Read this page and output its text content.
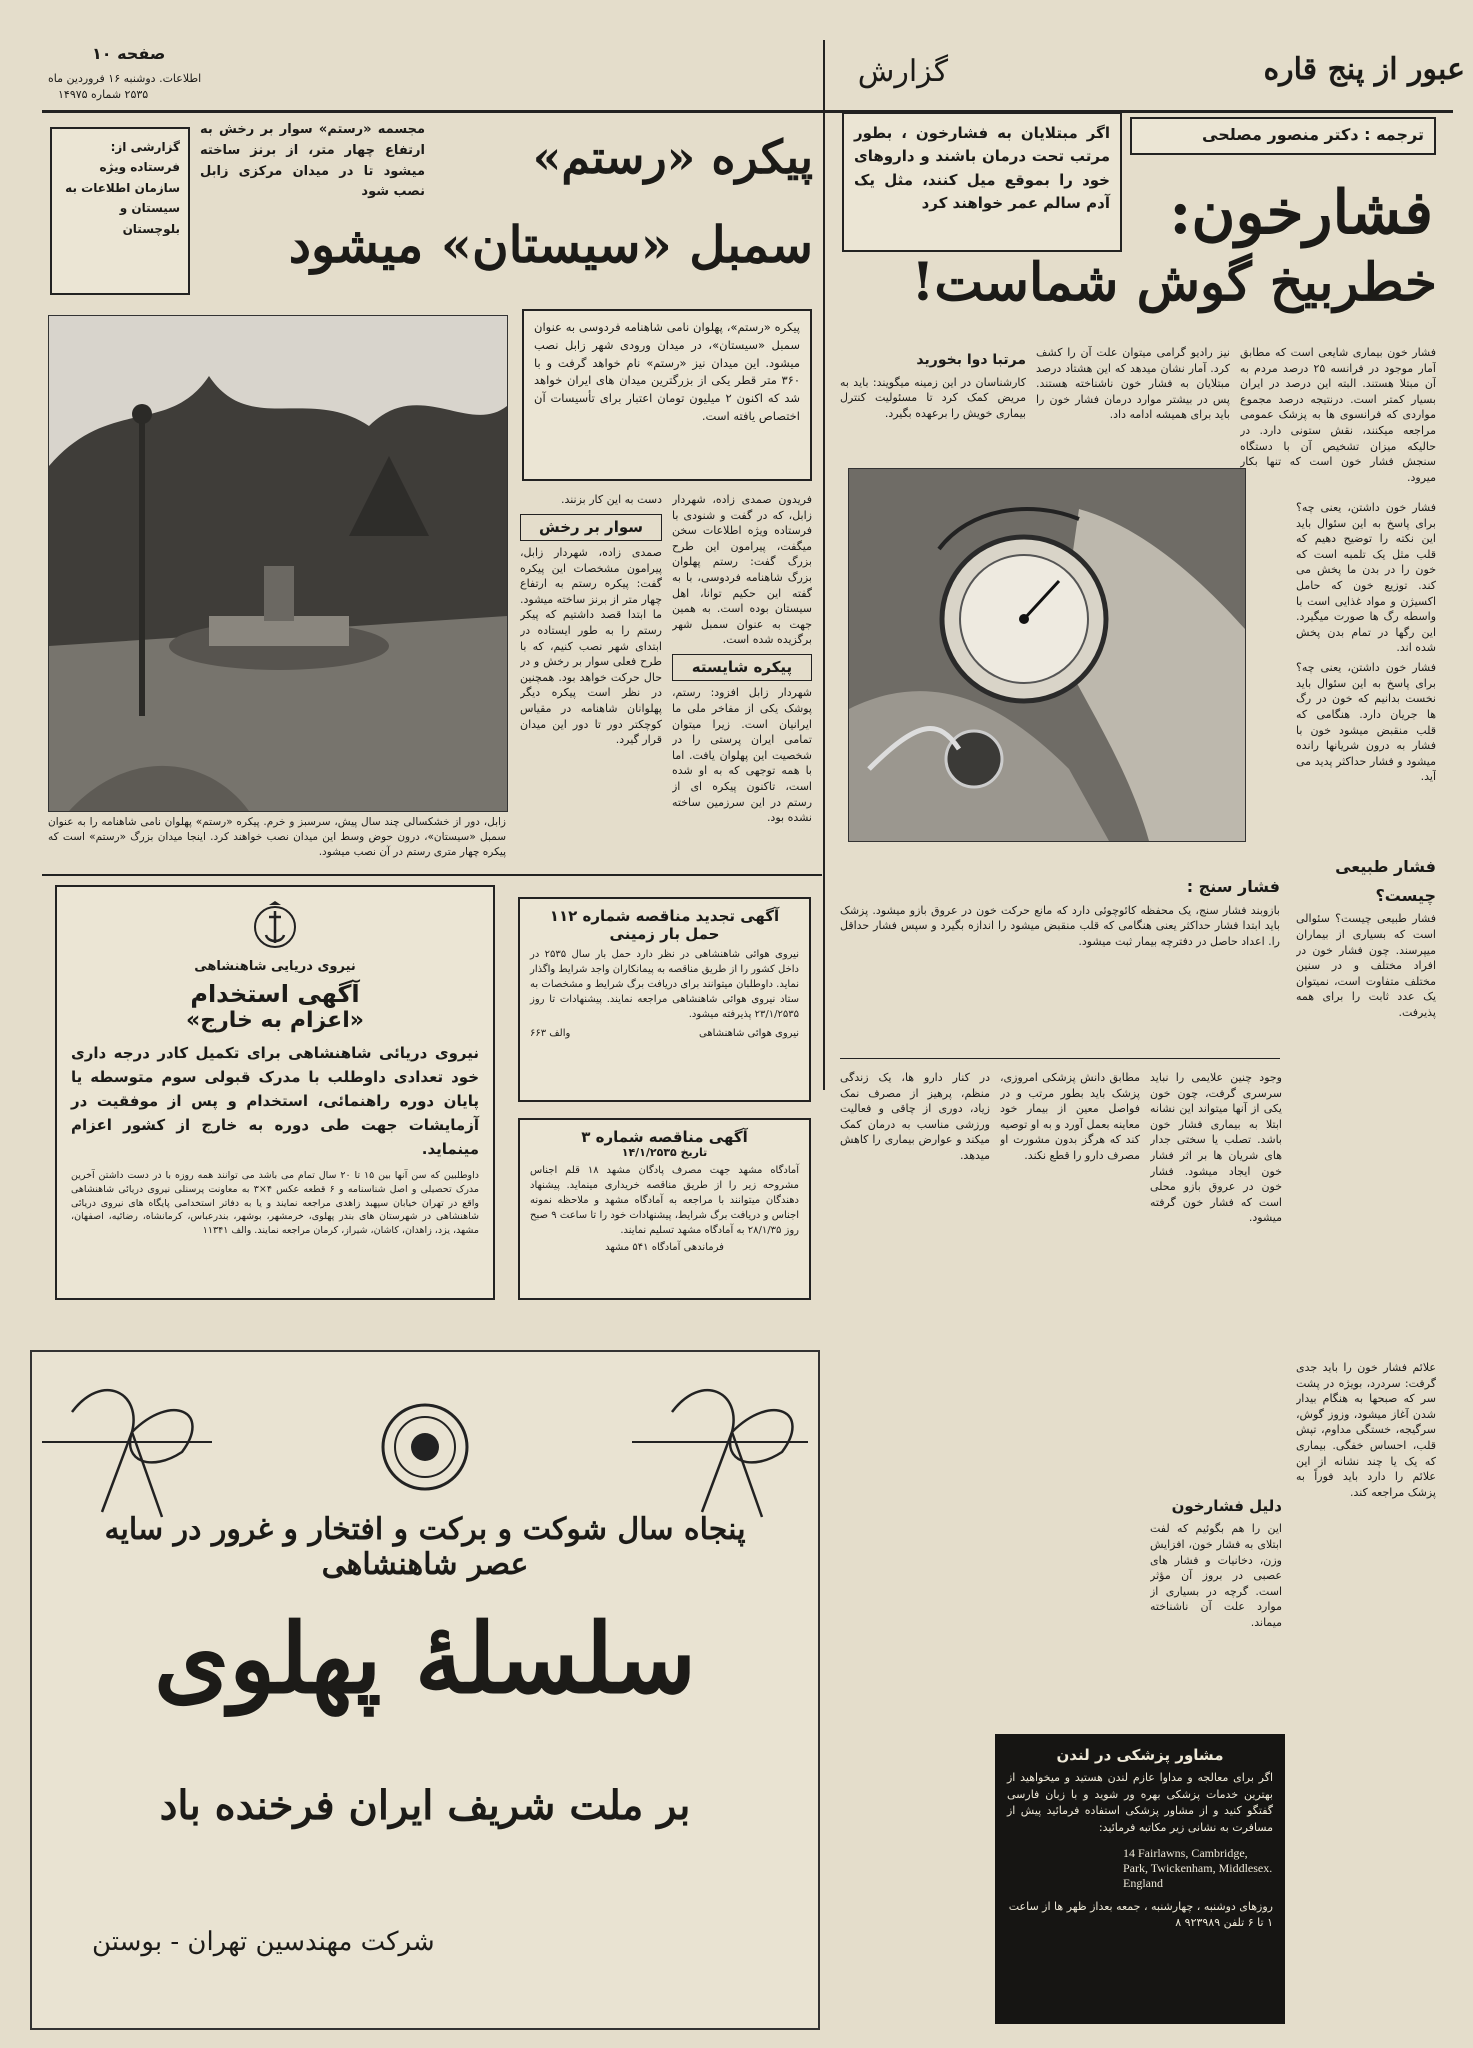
عبور از پنج قاره
گزارش
صفحه ۱۰
اطلاعات. دوشنبه ۱۶ فروردین ماه
۲۵۳۵ شماره ۱۴۹۷۵
ترجمه : دکتر منصور مصلحی
اگر مبتلایان به فشارخون ، بطور مرتب تحت درمان باشند و داروهای خود را بموقع میل کنند، مثل یک آدم سالم عمر خواهند کرد فشارخون:
خطربیخ گوش شماست!

فشار خون بیماری شایعی است که مطابق آمار موجود در فرانسه ۲۵ درصد مردم به آن مبتلا هستند. البته این درصد در ایران بسیار کمتر است. درنتیجه درصد مجموع مواردی که فرانسوی ها به پزشک عمومی مراجعه میکنند، نقش ستونی دارد. در حالیکه میزان تشخیص آن با دستگاه سنجش فشار خون است که تنها بکار میرود.

نیز رادیو گرامی میتوان علت آن را کشف کرد. آمار نشان میدهد که این هشتاد درصد مبتلایان به فشار خون ناشناخته هستند. پس در بیشتر موارد درمان فشار خون را باید برای همیشه ادامه داد.

مرتبا دوا بخورید

کارشناسان در این زمینه میگویند: باید به مریض کمک کرد تا مسئولیت کنترل بیماری خویش را برعهده بگیرد.

فشار خون داشتن، یعنی چه؟ برای پاسخ به این سئوال باید این نکته را توضیح دهیم که قلب مثل یک تلمبه است که خون را در بدن ما پخش می کند. توزیع خون که حامل اکسیژن و مواد غذایی است با واسطه رگ ها صورت میگیرد. این رگها در تمام بدن پخش شده اند.

فشار خون داشتن، یعنی چه؟ برای پاسخ به این سئوال باید نخست بدانیم که خون در رگ ها جریان دارد. هنگامی که قلب منقبض میشود خون با فشار به درون شریانها رانده میشود و فشار حداکثر پدید می آید.

فشار سنج :

بازوبند فشار سنج، یک محفظه کائوچوئی دارد که مانع حرکت خون در عروق بازو میشود. پزشک باید ابتدا فشار حداکثر یعنی هنگامی که قلب منقبض میشود را اندازه بگیرد و سپس فشار حداقل را. اعداد حاصل در دفترچه بیمار ثبت میشود.

فشار طبیعی
چیست؟

فشار طبیعی چیست؟ سئوالی است که بسیاری از بیماران میپرسند. چون فشار خون در افراد مختلف و در سنین مختلف متفاوت است، نمیتوان یک عدد ثابت را برای همه پذیرفت.

وجود چنین علایمی را نباید سرسری گرفت، چون خون یکی از آنها میتواند این نشانه ابتلا به بیماری فشار خون باشد. تصلب یا سختی جدار های شریان ها بر اثر فشار خون ایجاد میشود. فشار خون در عروق بازو محلی است که فشار خون گرفته میشود.

مطابق دانش پزشکی امروزی، پزشک باید بطور مرتب و در فواصل معین از بیمار خود معاینه بعمل آورد و به او توصیه کند که هرگز بدون مشورت او مصرف دارو را قطع نکند.

در کنار دارو ها، یک زندگی منظم، پرهیز از مصرف نمک زیاد، دوری از چاقی و فعالیت ورزشی مناسب به درمان کمک میکند و عوارض بیماری را کاهش میدهد.

دلیل فشارخون

این را هم بگوئیم که لفت ابتلای به فشار خون، افزایش وزن، دخانیات و فشار های عصبی در بروز آن مؤثر است. گرچه در بسیاری از موارد علت آن ناشناخته میماند.

علائم فشار خون را باید جدی گرفت: سردرد، بویژه در پشت سر که صبحها به هنگام بیدار شدن آغاز میشود، وزوز گوش، سرگیجه، خستگی مداوم، تپش قلب، احساس خفگی. بیماری که یک یا چند نشانه از این علائم را دارد باید فوراً به پزشک مراجعه کند.

مشاور پزشکی در لندن
اگر برای معالجه و مداوا عازم لندن هستید و میخواهید از بهترین خدمات پزشکی بهره ور شوید و با زبان فارسی گفتگو کنید و از مشاور پزشکی استفاده فرمائید پیش از مسافرت به نشانی زیر مکاتبه فرمائید:
14 Fairlawns, Cambridge, Park, Twickenham, Middlesex. England
روزهای دوشنبه ، چهارشنبه ، جمعه بعداز ظهر ها از ساعت ۱ تا ۶ تلفن ۹۲۳۹۸۹ ۸
گزارشی از: فرستاده ویژه سازمان اطلاعات به سیستان و بلوچستان
مجسمه «رستم» سوار بر رخش به ارتفاع چهار متر، از برنز ساخته میشود تا در میدان مرکزی زابل نصب شود
پیکره «رستم»
سمبل «سیستان» میشود
زابل، دور از خشکسالی چند سال پیش، سرسبز و خرم. پیکره «رستم» پهلوان نامی شاهنامه را به عنوان سمبل «سیستان»، درون حوض وسط این میدان نصب خواهند کرد. اینجا میدان بزرگ «رستم» است که پیکره چهار متری رستم در آن نصب میشود.
پیکره «رستم»، پهلوان نامی شاهنامه فردوسی به عنوان سمبل «سیستان»، در میدان ورودی شهر زابل نصب میشود. این میدان نیز «رستم» نام خواهد گرفت و با ۳۶۰ متر قطر یکی از بزرگترین میدان های ایران خواهد شد که اکنون ۲ میلیون تومان اعتبار برای تأسیسات آن اختصاص یافته است.

فریدون صمدی زاده، شهردار زابل، که در گفت و شنودی با فرستاده ویژه اطلاعات سخن میگفت، پیرامون این طرح بزرگ گفت: رستم پهلوان بزرگ شاهنامه فردوسی، با به گفته این حکیم توانا، اهل سیستان بوده است. به همین جهت به عنوان سمبل شهر برگزیده شده است.

پیکره شایسته

شهردار زابل افزود: رستم، پوشک یکی از مفاخر ملی ما ایرانیان است. زیرا میتوان تمامی ایران پرستی را در شخصیت این پهلوان یافت. اما با همه توجهی که به او شده است، تاکنون پیکره ای از رستم در این سرزمین ساخته نشده بود.

دست به این کار بزنند.

سوار بر رخش

صمدی زاده، شهردار زابل، پیرامون مشخصات این پیکره گفت: پیکره رستم به ارتفاع چهار متر از برنز ساخته میشود. ما ابتدا قصد داشتیم که پیکر رستم را به طور ایستاده در ابتدای شهر نصب کنیم، که با طرح فعلی سوار بر رخش و در حال حرکت خواهد بود. همچنین در نظر است پیکره دیگر پهلوانان شاهنامه در مقیاس کوچکتر دور تا دور این میدان قرار گیرد.

نیروی دریایی شاهنشاهی
آگهی استخدام
«اعزام به خارج»
نیروی دریائی شاهنشاهی برای تکمیل کادر درجه داری خود تعدادی داوطلب با مدرک قبولی سوم متوسطه یا پایان دوره راهنمائی، استخدام و پس از موفقیت در آزمایشات جهت طی دوره به خارج از کشور اعزام مینماید.
داوطلبین که سن آنها بین ۱۵ تا ۲۰ سال تمام می باشد می توانند همه روزه با در دست داشتن آخرین مدرک تحصیلی و اصل شناسنامه و ۶ قطعه عکس ۴×۳ به معاونت پرسنلی نیروی دریائی شاهنشاهی واقع در تهران خیابان سپهبد زاهدی مراجعه نمایند و یا به دفاتر استخدامی پایگاه های نیروی دریائی شاهنشاهی در شهرستان های بندر پهلوی، خرمشهر، بوشهر، بندرعباس، کرمانشاه، رضائیه، اصفهان، مشهد، یزد، زاهدان، کاشان، شیراز، کرمان مراجعه نمایند. والف ۱۱۳۴۱
آگهی تجدید مناقصه شماره ۱۱۲
حمل بار زمینی
نیروی هوائی شاهنشاهی در نظر دارد حمل بار سال ۲۵۳۵ در داخل کشور را از طریق مناقصه به پیمانکاران واجد شرایط واگذار نماید. داوطلبان میتوانند برای دریافت برگ شرایط و مشخصات به ستاد نیروی هوائی شاهنشاهی مراجعه نمایند. پیشنهادات تا روز ۲۳/۱/۲۵۳۵ پذیرفته میشود.
نیروی هوائی شاهنشاهی
والف ۶۶۳
آگهی مناقصه شماره ۳
تاریخ ۱۴/۱/۲۵۳۵
آمادگاه مشهد جهت مصرف پادگان مشهد ۱۸ قلم اجناس مشروحه زیر را از طریق مناقصه خریداری مینماید. پیشنهاد دهندگان میتوانند با مراجعه به آمادگاه مشهد و ملاحظه نمونه اجناس و دریافت برگ شرایط، پیشنهادات خود را تا ساعت ۹ صبح روز ۲۸/۱/۳۵ به آمادگاه مشهد تسلیم نمایند.
فرماندهی آمادگاه ۵۴۱ مشهد
پنجاه سال شوکت و برکت و افتخار و غرور در سایه عصر شاهنشاهی
سلسلهٔ پهلوی
بر ملت شریف ایران فرخنده باد
شرکت مهندسین تهران - بوستن
